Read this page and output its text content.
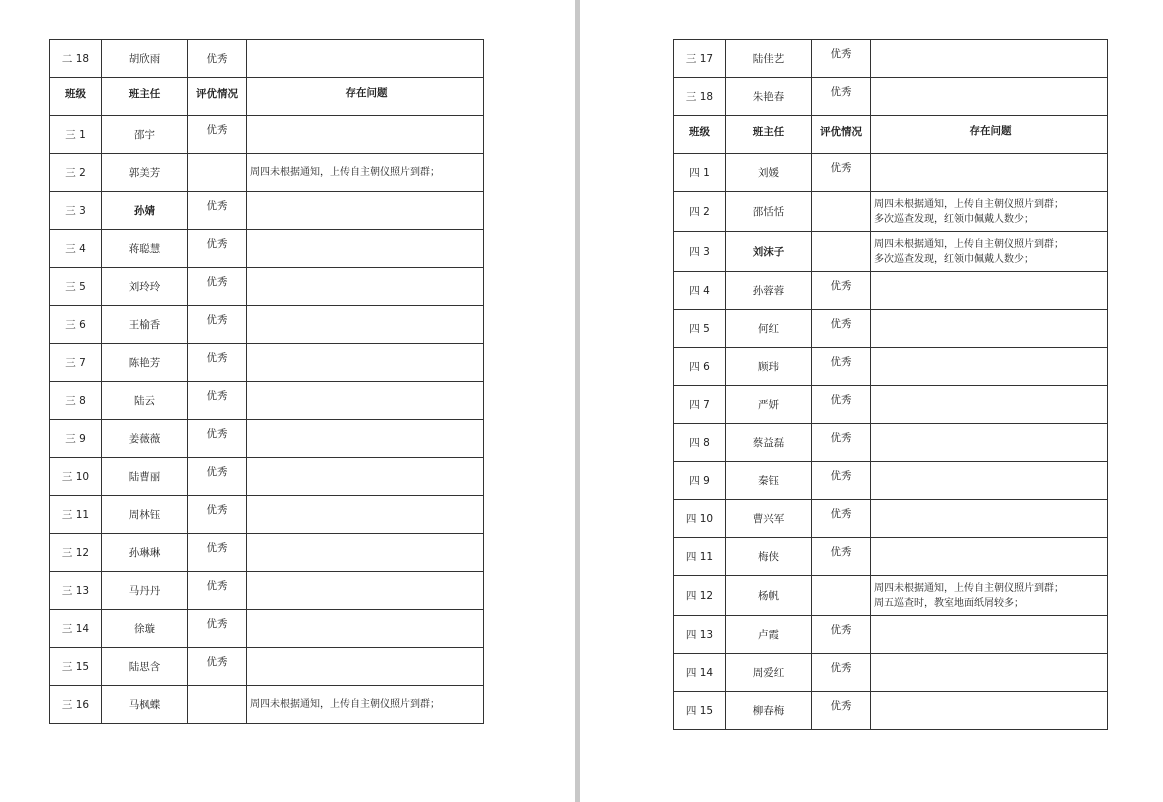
二 18	胡欣雨	优秀	
班级	班主任	评优情况	存在问题
三 1	邵宇	优秀	
三 2	郭美芳		周四未根据通知，上传自主朝仪照片到群；
三 3	孙婧	优秀	
三 4	蒋聪慧	优秀	
三 5	刘玲玲	优秀	
三 6	王榆香	优秀	
三 7	陈艳芳	优秀	
三 8	陆云	优秀	
三 9	姜薇薇	优秀	
三 10	陆曹丽	优秀	
三 11	周林钰	优秀	
三 12	孙琳琳	优秀	
三 13	马丹丹	优秀	
三 14	徐璇	优秀	
三 15	陆思含	优秀	
三 16	马枫蝶		周四未根据通知，上传自主朝仪照片到群；
三 17	陆佳艺	优秀	
三 18	朱艳春	优秀	
班级	班主任	评优情况	存在问题
四 1	刘媛	优秀	
四 2	邵恬恬		周四未根据通知，上传自主朝仪照片到群；
多次巡查发现，红领巾佩戴人数少；

四 3	刘沫子		周四未根据通知，上传自主朝仪照片到群；
多次巡查发现，红领巾佩戴人数少；

四 4	孙蓉蓉	优秀	
四 5	何红	优秀	
四 6	顾玮	优秀	
四 7	严妍	优秀	
四 8	蔡益磊	优秀	
四 9	秦钰	优秀	
四 10	曹兴军	优秀	
四 11	梅侠	优秀	
四 12	杨帆		周四未根据通知，上传自主朝仪照片到群；
周五巡查时，教室地面纸屑较多；

四 13	卢霞	优秀	
四 14	周爱红	优秀	
四 15	柳春梅	优秀	
